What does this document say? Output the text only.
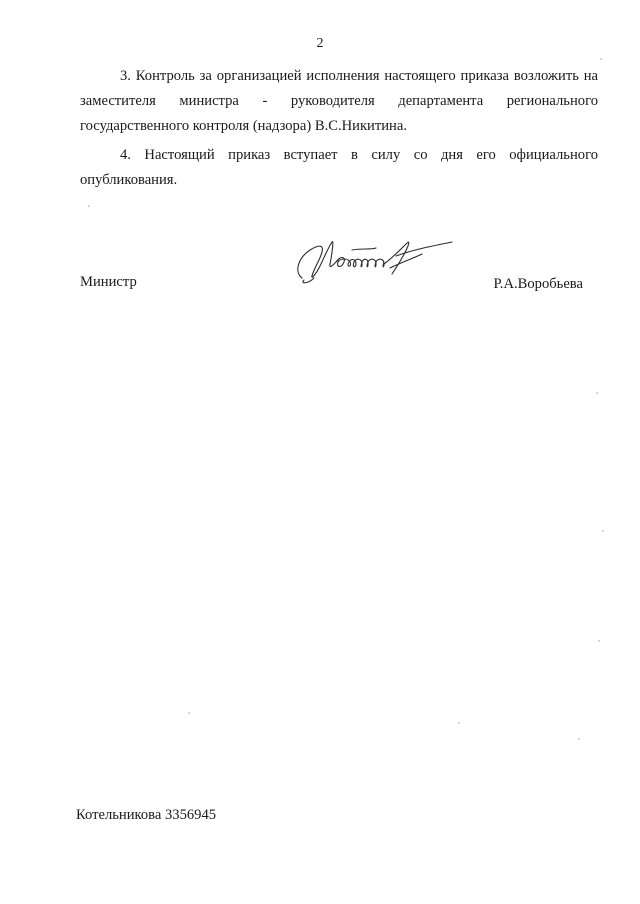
2

3. Контроль за организацией исполнения настоящего приказа возложить на заместителя министра - руководителя департамента регионального государственного контроля (надзора) В.С.Никитина.

4. Настоящий приказ вступает в силу со дня его официального опубликования.

Министр	Р.А.Воробьева
Котельникова 3356945
